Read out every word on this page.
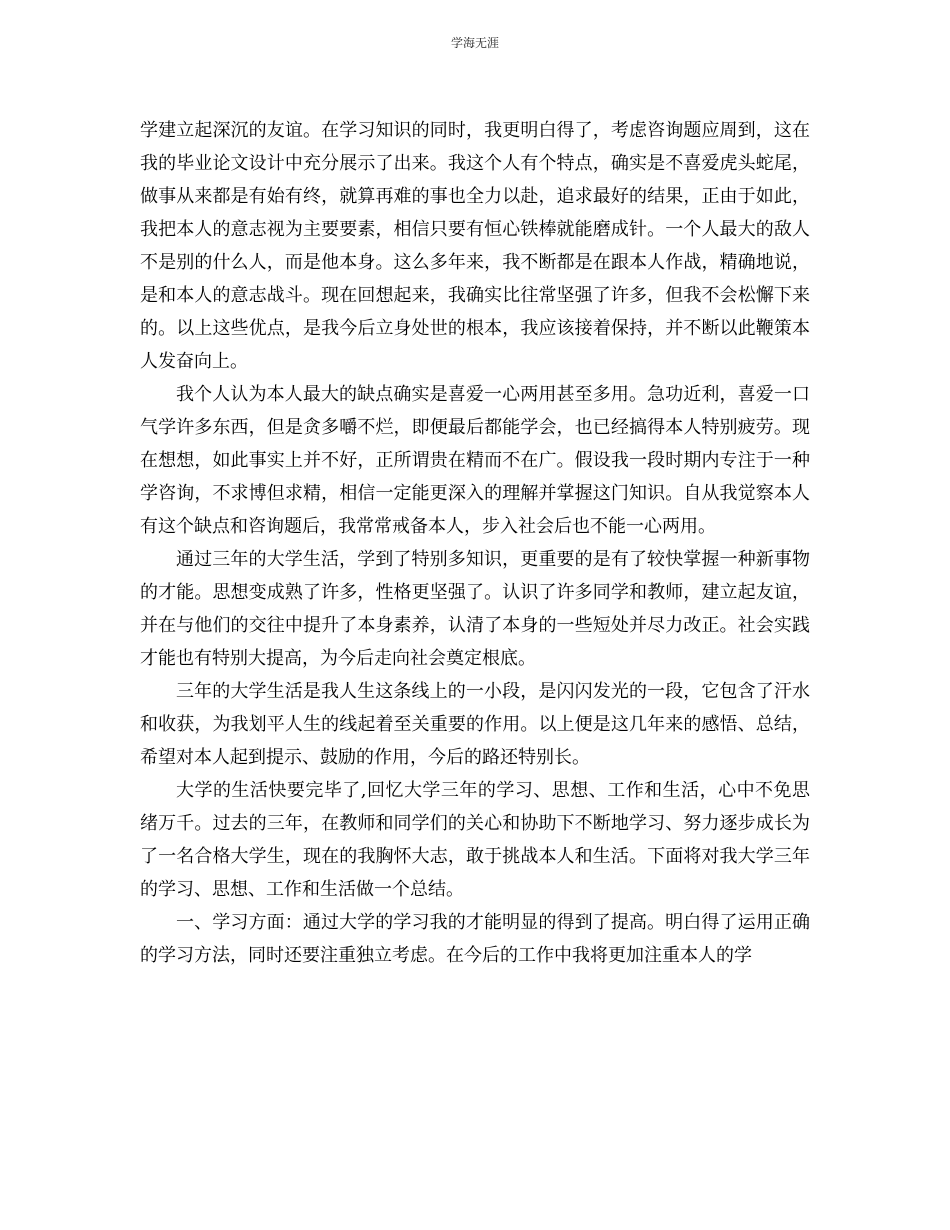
学海无涯

学建立起深沉的友谊。在学习知识的同时，我更明白得了，考虑咨询题应周到，这在我的毕业论文设计中充分展示了出来。我这个人有个特点，确实是不喜爱虎头蛇尾，做事从来都是有始有终，就算再难的事也全力以赴，追求最好的结果，正由于如此，我把本人的意志视为主要要素，相信只要有恒心铁棒就能磨成针。一个人最大的敌人不是别的什么人，而是他本身。这么多年来，我不断都是在跟本人作战，精确地说，是和本人的意志战斗。现在回想起来，我确实比往常坚强了许多，但我不会松懈下来的。以上这些优点，是我今后立身处世的根本，我应该接着保持，并不断以此鞭策本人发奋向上。

我个人认为本人最大的缺点确实是喜爱一心两用甚至多用。急功近利，喜爱一口气学许多东西，但是贪多嚼不烂，即便最后都能学会，也已经搞得本人特别疲劳。现在想想，如此事实上并不好，正所谓贵在精而不在广。假设我一段时期内专注于一种学咨询，不求博但求精，相信一定能更深入的理解并掌握这门知识。自从我觉察本人有这个缺点和咨询题后，我常常戒备本人，步入社会后也不能一心两用。

通过三年的大学生活，学到了特别多知识，更重要的是有了较快掌握一种新事物的才能。思想变成熟了许多，性格更坚强了。认识了许多同学和教师，建立起友谊，并在与他们的交往中提升了本身素养，认清了本身的一些短处并尽力改正。社会实践才能也有特别大提高，为今后走向社会奠定根底。

三年的大学生活是我人生这条线上的一小段，是闪闪发光的一段，它包含了汗水和收获，为我划平人生的线起着至关重要的作用。以上便是这几年来的感悟、总结，希望对本人起到提示、鼓励的作用，今后的路还特别长。

大学的生活快要完毕了,回忆大学三年的学习、思想、工作和生活，心中不免思绪万千。过去的三年，在教师和同学们的关心和协助下不断地学习、努力逐步成长为了一名合格大学生，现在的我胸怀大志，敢于挑战本人和生活。下面将对我大学三年的学习、思想、工作和生活做一个总结。

一、学习方面：通过大学的学习我的才能明显的得到了提高。明白得了运用正确的学习方法，同时还要注重独立考虑。在今后的工作中我将更加注重本人的学
